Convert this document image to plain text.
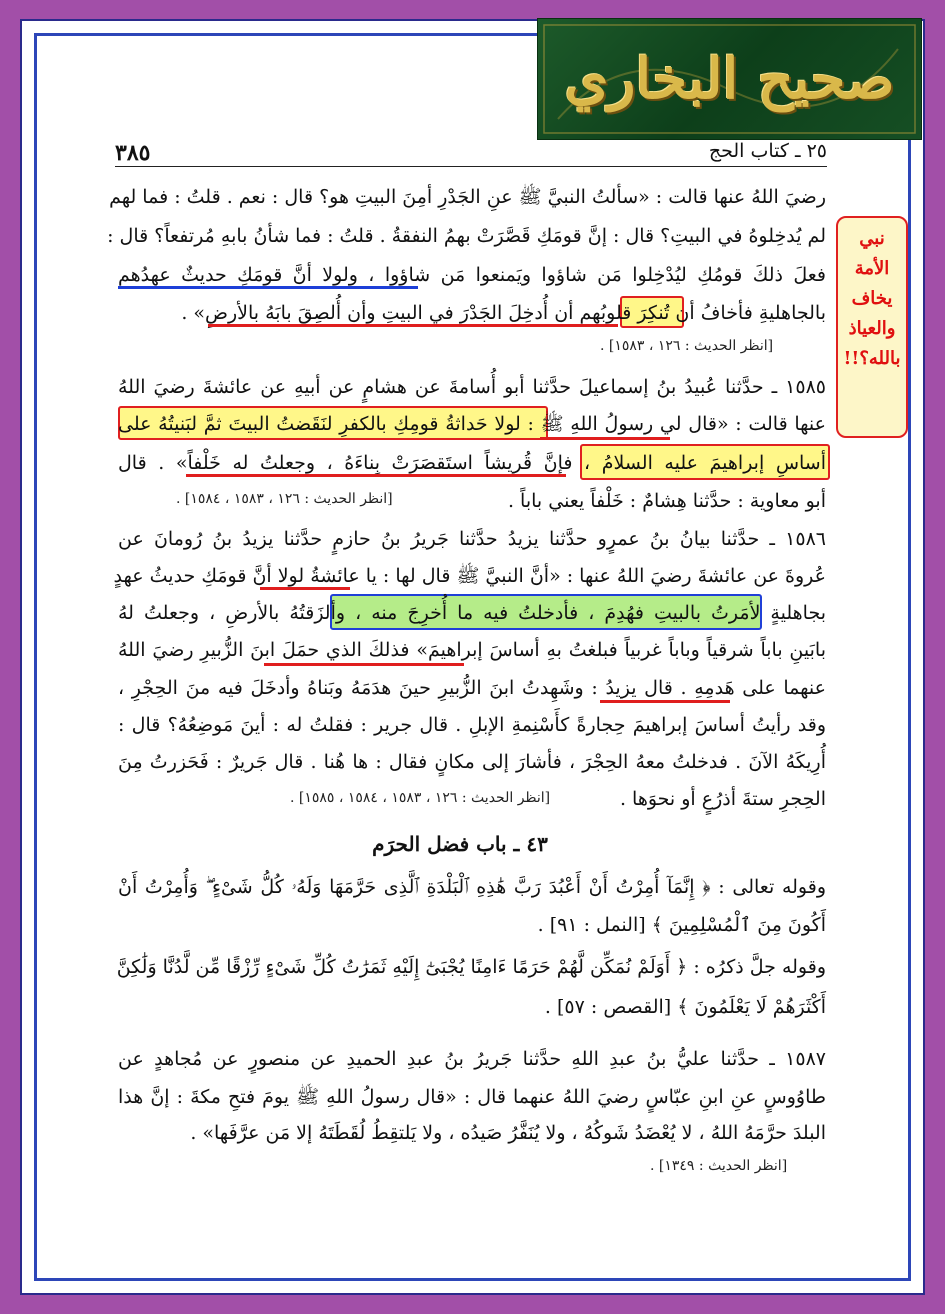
صحيح البخاري
٣٨٥	٢٥ ـ كتاب الحج
رضيَ اللهُ عنها قالت : «سألتُ النبيَّ ﷺ عنِ الجَدْرِ أمِنَ البيتِ هو؟ قال : نعم . قلتُ : فما لهم
لم يُدخِلوهُ في البيتِ؟ قال : إنَّ قومَكِ قَصَّرَتْ بهمُ النفقةُ . قلتُ : فما شأنُ بابهِ مُرتفعاً؟ قال :
فعلَ ذلكَ قومُكِ ليُدْخِلوا مَن شاؤوا ويَمنعوا مَن شاؤوا ، ولولا أنَّ قومَكِ حديثٌ عهدُهم
بالجاهليةِ فأخافُ أن تُنكِرَ قلوبُهم أن أُدخِلَ الجَدْرَ في البيتِ وأن أُلصِقَ بابَهُ بالأرضِ» .
[انظر الحديث : ١٢٦ ، ١٥٨٣] .
١٥٨٥ ـ حدَّثنا عُبيدُ بنُ إسماعيلَ حدَّثنا أبو أُسامةَ عن هشامٍ عن أبيهِ عن عائشةَ رضيَ اللهُ
عنها قالت : «قال لي رسولُ اللهِ ﷺ : لولا حَداثةُ قومِكِ بالكفرِ لنَقَضتُ البيتَ ثمَّ لبَنيتُهُ على
أساسِ إبراهيمَ عليه السلامُ ، فإنَّ قُريشاً استَقصَرَتْ بِناءَهُ ، وجعلتُ له خَلْفاً» . قال
أبو معاوية : حدَّثنا هِشامٌ : خَلْفاً يعني باباً .
[انظر الحديث : ١٢٦ ، ١٥٨٣ ، ١٥٨٤] .
١٥٨٦ ـ حدَّثنا بيانُ بنُ عمرٍو حدَّثنا يزيدُ حدَّثنا جَريرُ بنُ حازمٍ حدَّثنا يزيدُ بنُ رُومانَ عن
عُروةَ عن عائشةَ رضيَ اللهُ عنها : «أنَّ النبيَّ ﷺ قال لها : يا عائشةُ لولا أنَّ قومَكِ حديثُ عهدٍ
بجاهليةٍ لأمَرتُ بالبيتِ فهُدِمَ ، فأدخلتُ فيه ما أُخرِجَ منه ، وألزَقتُهُ بالأرضِ ، وجعلتُ لهُ
بابَينِ باباً شرقياً وباباً غربياً فبلغتُ بهِ أساسَ إبراهيمَ» فذلكَ الذي حمَلَ ابنَ الزُّبيرِ رضيَ اللهُ
عنهما على هَدمِهِ . قال يزيدُ : وشَهِدتُ ابنَ الزُّبيرِ حينَ هدَمَهُ وبَناهُ وأدخَلَ فيه منَ الحِجْرِ ،
وقد رأيتُ أساسَ إبراهيمَ حِجارةً كأَسْنِمةِ الإبلِ . قال جرير : فقلتُ له : أينَ مَوضِعُهُ؟ قال :
أُرِيكَهُ الآنَ . فدخلتُ معهُ الحِجْرَ ، فأشارَ إلى مكانٍ فقال : ها هُنا . قال جَريرٌ : فَحَزرتُ مِنَ
الحِجرِ ستةَ أذرُعٍ أو نحوَها .
[انظر الحديث : ١٢٦ ، ١٥٨٣ ، ١٥٨٤ ، ١٥٨٥] .
٤٣ ـ باب فضل الحرَم
وقوله تعالى : ﴿ إِنَّمَآ أُمِرْتُ أَنْ أَعْبُدَ رَبَّ هَٰذِهِ ٱلْبَلْدَةِ ٱلَّذِى حَرَّمَهَا وَلَهُۥ كُلُّ شَىْءٍ ۖ وَأُمِرْتُ أَنْ
أَكُونَ مِنَ ٱلْمُسْلِمِينَ ﴾ [النمل : ٩١] .
وقوله جلَّ ذكرُه : ﴿ أَوَلَمْ نُمَكِّن لَّهُمْ حَرَمًا ءَامِنًا يُجْبَىٰٓ إِلَيْهِ ثَمَرَٰتُ كُلِّ شَىْءٍ رِّزْقًا مِّن لَّدُنَّا وَلَٰكِنَّ
أَكْثَرَهُمْ لَا يَعْلَمُونَ ﴾ [القصص : ٥٧] .
١٥٨٧ ـ حدَّثنا عليُّ بنُ عبدِ اللهِ حدَّثنا جَريرُ بنُ عبدِ الحميدِ عن منصورٍ عن مُجاهدٍ عن
طاوُوسٍ عنِ ابنِ عبّاسٍ رضيَ اللهُ عنهما قال : «قال رسولُ اللهِ ﷺ يومَ فتحِ مكةَ : إنَّ هذا
البلدَ حرَّمَهُ اللهُ ، لا يُعْضَدُ شَوكُهُ ، ولا يُنَفَّرُ صَيدُه ، ولا يَلتقِطُ لُقَطَتَهُ إلا مَن عرَّفَها» .
[انظر الحديث : ١٣٤٩] .
نبي
الأمة
يخاف
والعياذ
بالله؟!!
